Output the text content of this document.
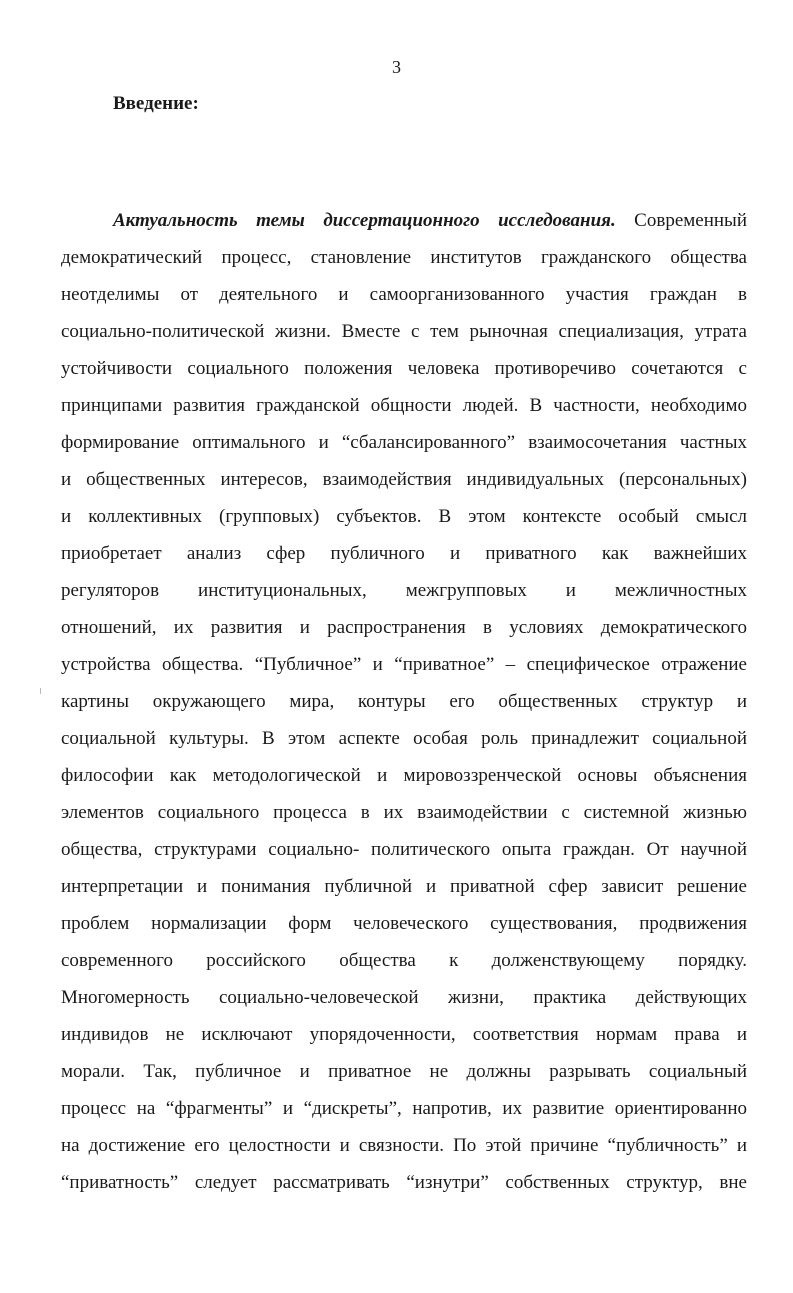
3
Введение:
Актуальность темы диссертационного исследования. Современный
демократический процесс, становление институтов гражданского общества
неотделимы от деятельного и самоорганизованного участия граждан в
социально-политической жизни. Вместе с тем рыночная специализация, утрата
устойчивости социального положения человека противоречиво сочетаются с
принципами развития гражданской общности людей. В частности, необходимо
формирование оптимального и “сбалансированного” взаимосочетания частных
и общественных интересов, взаимодействия индивидуальных (персональных)
и коллективных (групповых) субъектов. В этом контексте особый смысл
приобретает анализ сфер публичного и приватного как важнейших
регуляторов институциональных, межгрупповых и межличностных
отношений, их развития и распространения в условиях демократического
устройства общества. “Публичное” и “приватное” – специфическое отражение
картины окружающего мира, контуры его общественных структур и
социальной культуры. В этом аспекте особая роль принадлежит социальной
философии как методологической и мировоззренческой основы объяснения
элементов социального процесса в их взаимодействии с системной жизнью
общества, структурами социально- политического опыта граждан. От научной
интерпретации и понимания публичной и приватной сфер зависит решение
проблем нормализации форм человеческого существования, продвижения
современного российского общества к долженствующему порядку.
Многомерность социально-человеческой жизни, практика действующих
индивидов не исключают упорядоченности, соответствия нормам права и
морали. Так, публичное и приватное не должны разрывать социальный
процесс на “фрагменты” и “дискреты”, напротив, их развитие ориентированно
на достижение его целостности и связности. По этой причине “публичность” и
“приватность” следует рассматривать “изнутри” собственных структур, вне
